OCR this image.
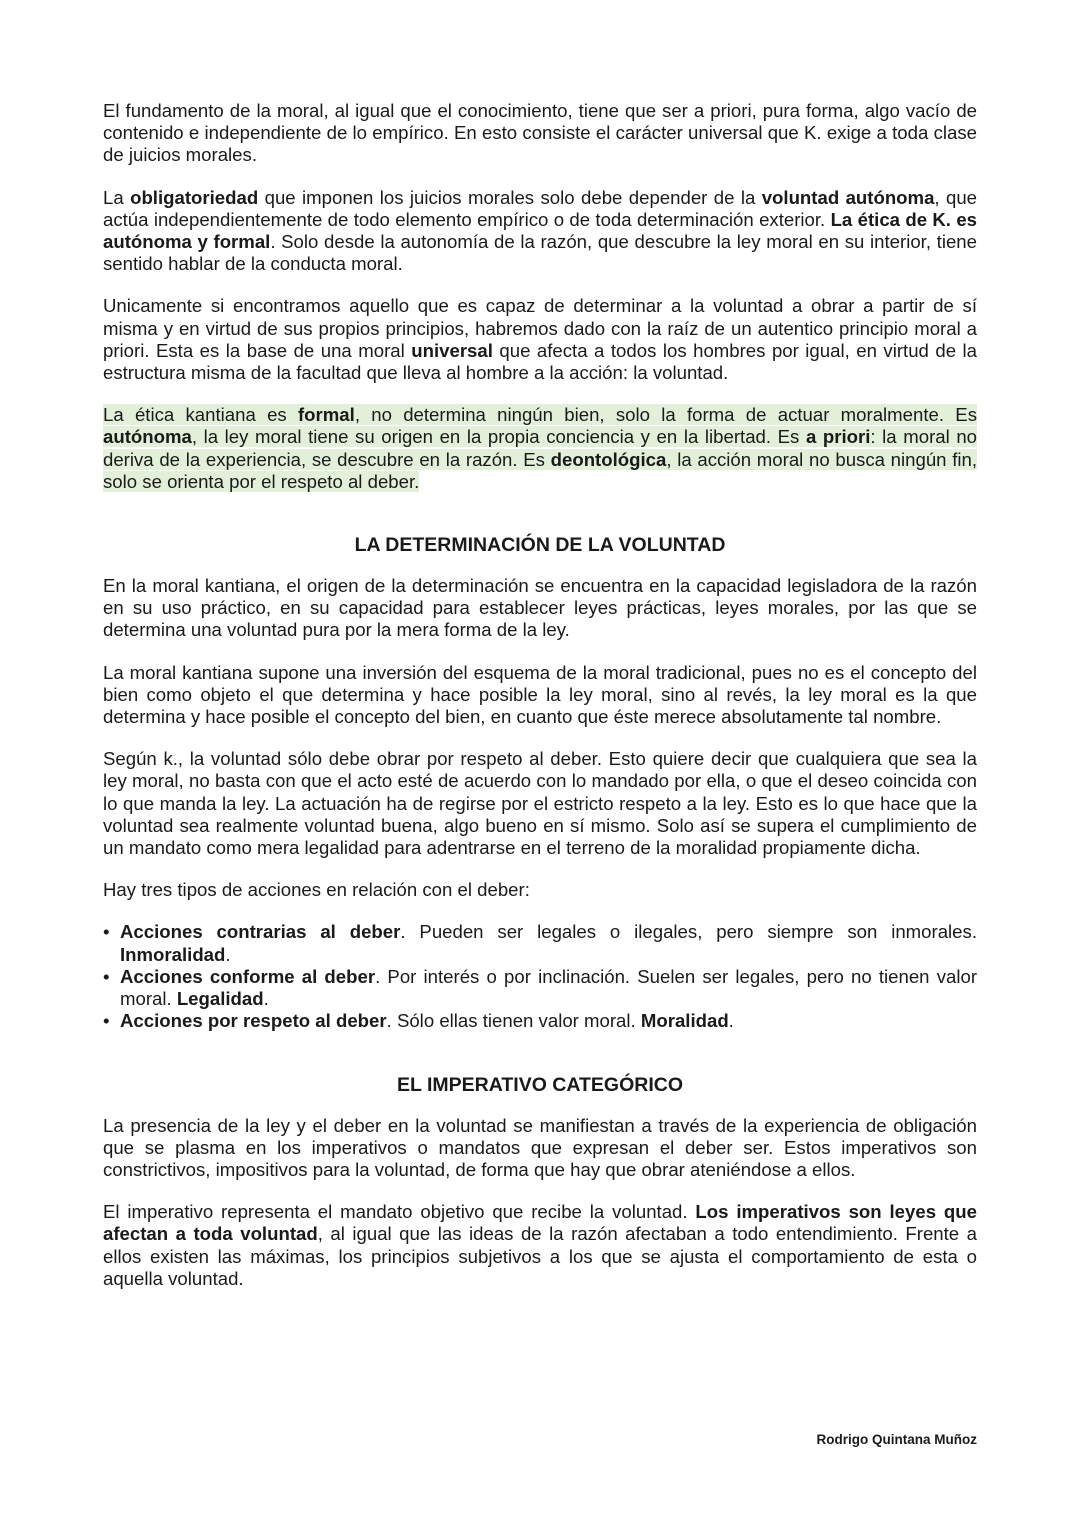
El fundamento de la moral, al igual que el conocimiento, tiene que ser a priori, pura forma, algo vacío de contenido e independiente de lo empírico. En esto consiste el carácter universal que K. exige a toda clase de juicios morales.

La obligatoriedad que imponen los juicios morales solo debe depender de la voluntad autónoma, que actúa independientemente de todo elemento empírico o de toda determinación exterior. La ética de K. es autónoma y formal. Solo desde la autonomía de la razón, que descubre la ley moral en su interior, tiene sentido hablar de la conducta moral.

Unicamente si encontramos aquello que es capaz de determinar a la voluntad a obrar a partir de sí misma y en virtud de sus propios principios, habremos dado con la raíz de un autentico principio moral a priori. Esta es la base de una moral universal que afecta a todos los hombres por igual, en virtud de la estructura misma de la facultad que lleva al hombre a la acción: la voluntad.

La ética kantiana es formal, no determina ningún bien, solo la forma de actuar moralmente. Es autónoma, la ley moral tiene su origen en la propia conciencia y en la libertad. Es a priori: la moral no deriva de la experiencia, se descubre en la razón. Es deontológica, la acción moral no busca ningún fin, solo se orienta por el respeto al deber.

LA DETERMINACIÓN DE LA VOLUNTAD

En la moral kantiana, el origen de la determinación se encuentra en la capacidad legisladora de la razón en su uso práctico, en su capacidad para establecer leyes prácticas, leyes morales, por las que se determina una voluntad pura por la mera forma de la ley.

La moral kantiana supone una inversión del esquema de la moral tradicional, pues no es el concepto del bien como objeto el que determina y hace posible la ley moral, sino al revés, la ley moral es la que determina y hace posible el concepto del bien, en cuanto que éste merece absolutamente tal nombre.

Según k., la voluntad sólo debe obrar por respeto al deber. Esto quiere decir que cualquiera que sea la ley moral, no basta con que el acto esté de acuerdo con lo mandado por ella, o que el deseo coincida con lo que manda la ley. La actuación ha de regirse por el estricto respeto a la ley. Esto es lo que hace que la voluntad sea realmente voluntad buena, algo bueno en sí mismo. Solo así se supera el cumplimiento de un mandato como mera legalidad para adentrarse en el terreno de la moralidad propiamente dicha.

Hay tres tipos de acciones en relación con el deber:

• Acciones contrarias al deber. Pueden ser legales o ilegales, pero siempre son inmorales. Inmoralidad.
• Acciones conforme al deber. Por interés o por inclinación. Suelen ser legales, pero no tienen valor moral. Legalidad.
• Acciones por respeto al deber. Sólo ellas tienen valor moral. Moralidad.
EL IMPERATIVO CATEGÓRICO

La presencia de la ley y el deber en la voluntad se manifiestan a través de la experiencia de obligación que se plasma en los imperativos o mandatos que expresan el deber ser. Estos imperativos son constrictivos, impositivos para la voluntad, de forma que hay que obrar ateniéndose a ellos.

El imperativo representa el mandato objetivo que recibe la voluntad. Los imperativos son leyes que afectan a toda voluntad, al igual que las ideas de la razón afectaban a todo entendimiento. Frente a ellos existen las máximas, los principios subjetivos a los que se ajusta el comportamiento de esta o aquella voluntad.

Rodrigo Quintana Muñoz
